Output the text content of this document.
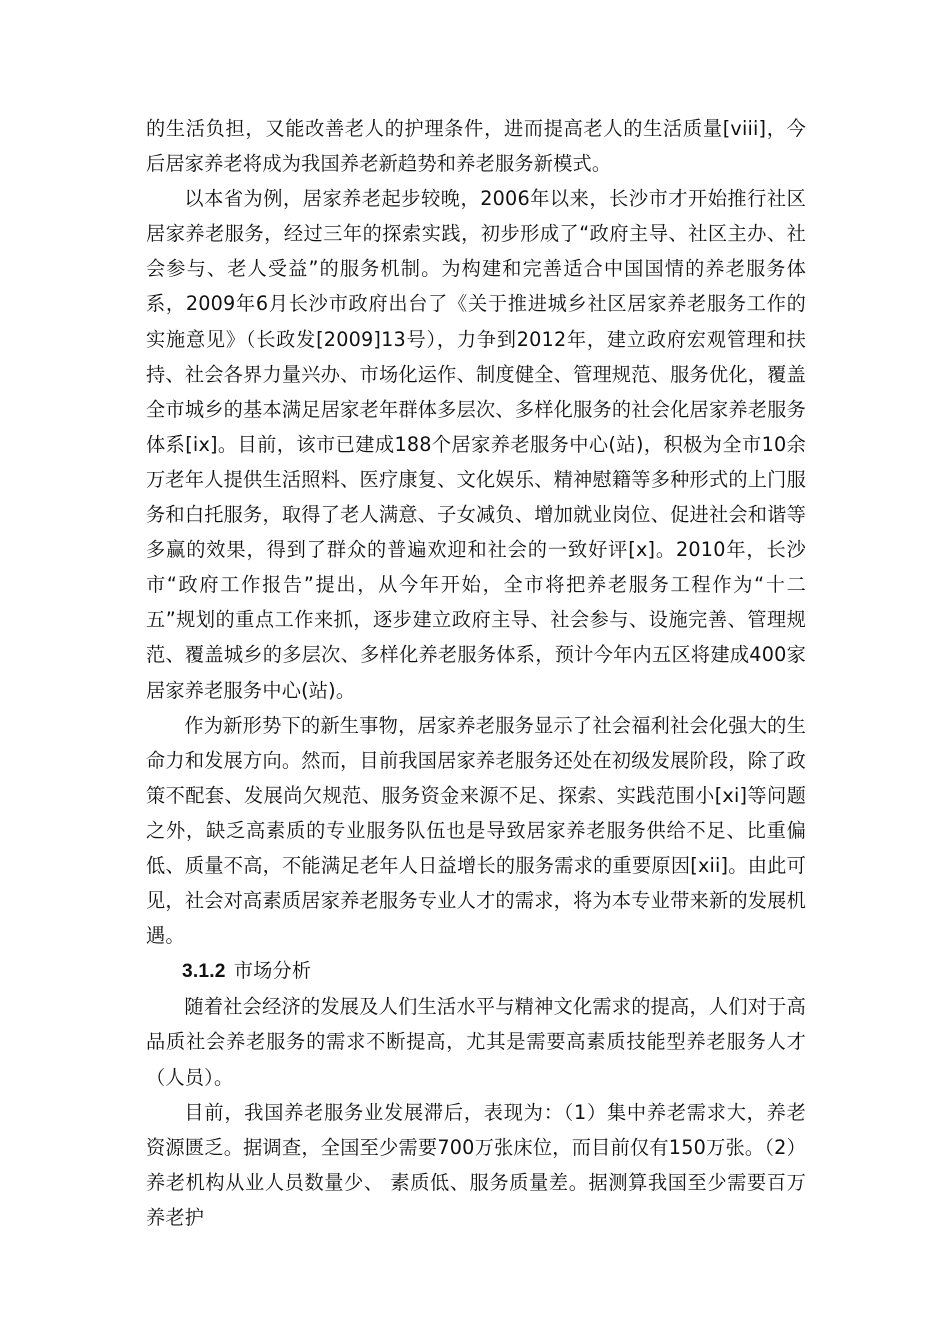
的生活负担，又能改善老人的护理条件，进而提高老人的生活质量[viii]，今后居家养老将成为我国养老新趋势和养老服务新模式。

以本省为例，居家养老起步较晚，2006年以来，长沙市才开始推行社区居家养老服务，经过三年的探索实践，初步形成了“政府主导、社区主办、社会参与、老人受益”的服务机制。为构建和完善适合中国国情的养老服务体系，2009年6月长沙市政府出台了《关于推进城乡社区居家养老服务工作的实施意见》（长政发[2009]13号），力争到2012年，建立政府宏观管理和扶持、社会各界力量兴办、市场化运作、制度健全、管理规范、服务优化，覆盖全市城乡的基本满足居家老年群体多层次、多样化服务的社会化居家养老服务体系[ix]。目前，该市已建成188个居家养老服务中心(站)，积极为全市10余万老年人提供生活照料、医疗康复、文化娱乐、精神慰籍等多种形式的上门服务和白托服务，取得了老人满意、子女减负、增加就业岗位、促进社会和谐等多赢的效果，得到了群众的普遍欢迎和社会的一致好评[x]。2010年，长沙市“政府工作报告”提出，从今年开始，全市将把养老服务工程作为“十二五”规划的重点工作来抓，逐步建立政府主导、社会参与、设施完善、管理规范、覆盖城乡的多层次、多样化养老服务体系，预计今年内五区将建成400家居家养老服务中心(站)。

作为新形势下的新生事物，居家养老服务显示了社会福利社会化强大的生命力和发展方向。然而，目前我国居家养老服务还处在初级发展阶段，除了政策不配套、发展尚欠规范、服务资金来源不足、探索、实践范围小[xi]等问题之外，缺乏高素质的专业服务队伍也是导致居家养老服务供给不足、比重偏低、质量不高，不能满足老年人日益增长的服务需求的重要原因[xii]。由此可见，社会对高素质居家养老服务专业人才的需求，将为本专业带来新的发展机遇。

3.1.2 市场分析

随着社会经济的发展及人们生活水平与精神文化需求的提高，人们对于高品质社会养老服务的需求不断提高，尤其是需要高素质技能型养老服务人才（人员）。

目前，我国养老服务业发展滞后，表现为：（1）集中养老需求大，养老资源匮乏。据调查，全国至少需要700万张床位，而目前仅有150万张。（2）养老机构从业人员数量少、 素质低、服务质量差。据测算我国至少需要百万养老护
